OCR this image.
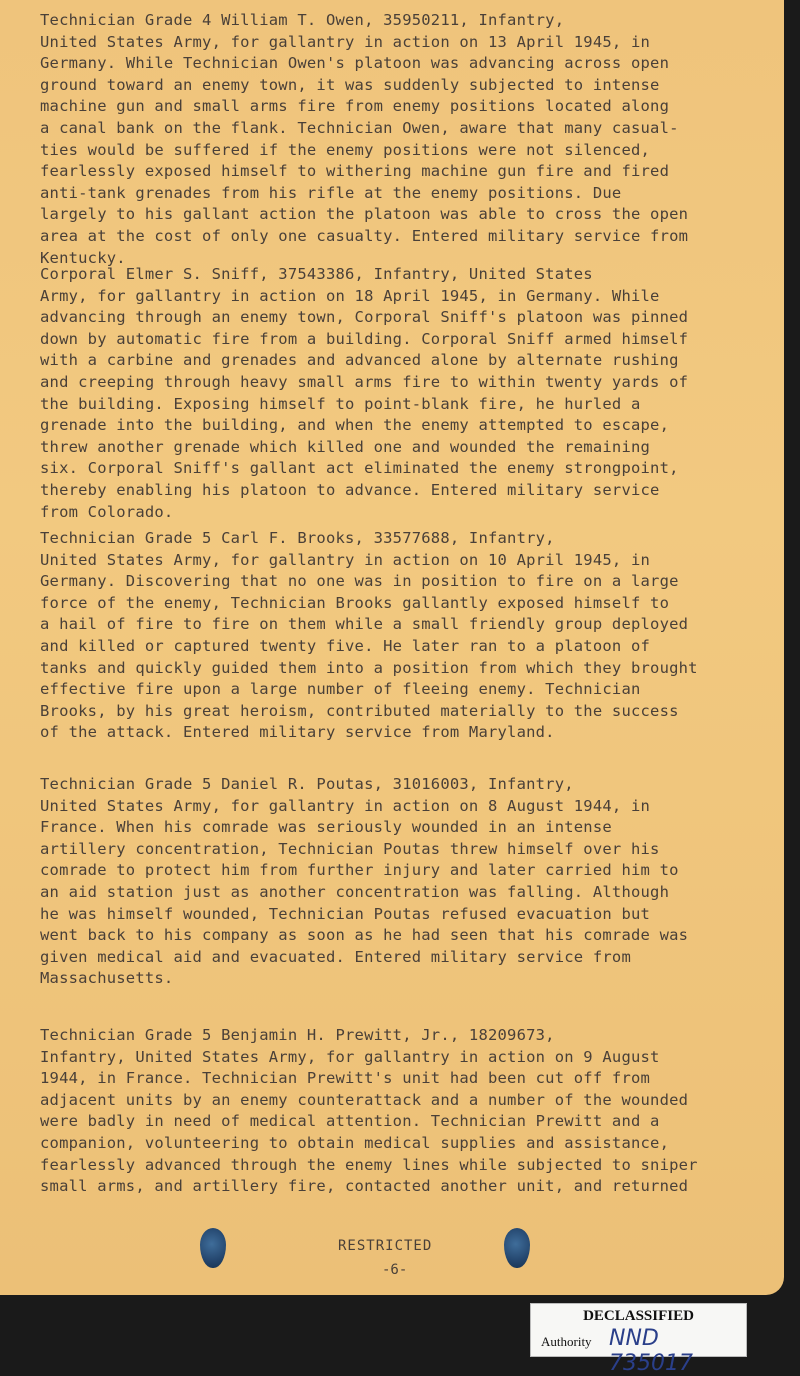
Technician Grade 4 William T. Owen, 35950211, Infantry,
United States Army, for gallantry in action on 13 April 1945, in
Germany. While Technician Owen's platoon was advancing across open
ground toward an enemy town, it was suddenly subjected to intense
machine gun and small arms fire from enemy positions located along
a canal bank on the flank. Technician Owen, aware that many casual-
ties would be suffered if the enemy positions were not silenced,
fearlessly exposed himself to withering machine gun fire and fired
anti-tank grenades from his rifle at the enemy positions. Due
largely to his gallant action the platoon was able to cross the open
area at the cost of only one casualty. Entered military service from
Kentucky.
Corporal Elmer S. Sniff, 37543386, Infantry, United States
Army, for gallantry in action on 18 April 1945, in Germany. While
advancing through an enemy town, Corporal Sniff's platoon was pinned
down by automatic fire from a building. Corporal Sniff armed himself
with a carbine and grenades and advanced alone by alternate rushing
and creeping through heavy small arms fire to within twenty yards of
the building. Exposing himself to point-blank fire, he hurled a
grenade into the building, and when the enemy attempted to escape,
threw another grenade which killed one and wounded the remaining
six. Corporal Sniff's gallant act eliminated the enemy strongpoint,
thereby enabling his platoon to advance. Entered military service
from Colorado.
Technician Grade 5 Carl F. Brooks, 33577688, Infantry,
United States Army, for gallantry in action on 10 April 1945, in
Germany. Discovering that no one was in position to fire on a large
force of the enemy, Technician Brooks gallantly exposed himself to
a hail of fire to fire on them while a small friendly group deployed
and killed or captured twenty five. He later ran to a platoon of
tanks and quickly guided them into a position from which they brought
effective fire upon a large number of fleeing enemy. Technician
Brooks, by his great heroism, contributed materially to the success
of the attack. Entered military service from Maryland.
Technician Grade 5 Daniel R. Poutas, 31016003, Infantry,
United States Army, for gallantry in action on 8 August 1944, in
France. When his comrade was seriously wounded in an intense
artillery concentration, Technician Poutas threw himself over his
comrade to protect him from further injury and later carried him to
an aid station just as another concentration was falling. Although
he was himself wounded, Technician Poutas refused evacuation but
went back to his company as soon as he had seen that his comrade was
given medical aid and evacuated. Entered military service from
Massachusetts.
Technician Grade 5 Benjamin H. Prewitt, Jr., 18209673,
Infantry, United States Army, for gallantry in action on 9 August
1944, in France. Technician Prewitt's unit had been cut off from
adjacent units by an enemy counterattack and a number of the wounded
were badly in need of medical attention. Technician Prewitt and a
companion, volunteering to obtain medical supplies and assistance,
fearlessly advanced through the enemy lines while subjected to sniper
small arms, and artillery fire, contacted another unit, and returned
RESTRICTED
-6-
DECLASSIFIED
Authority NND 735017
